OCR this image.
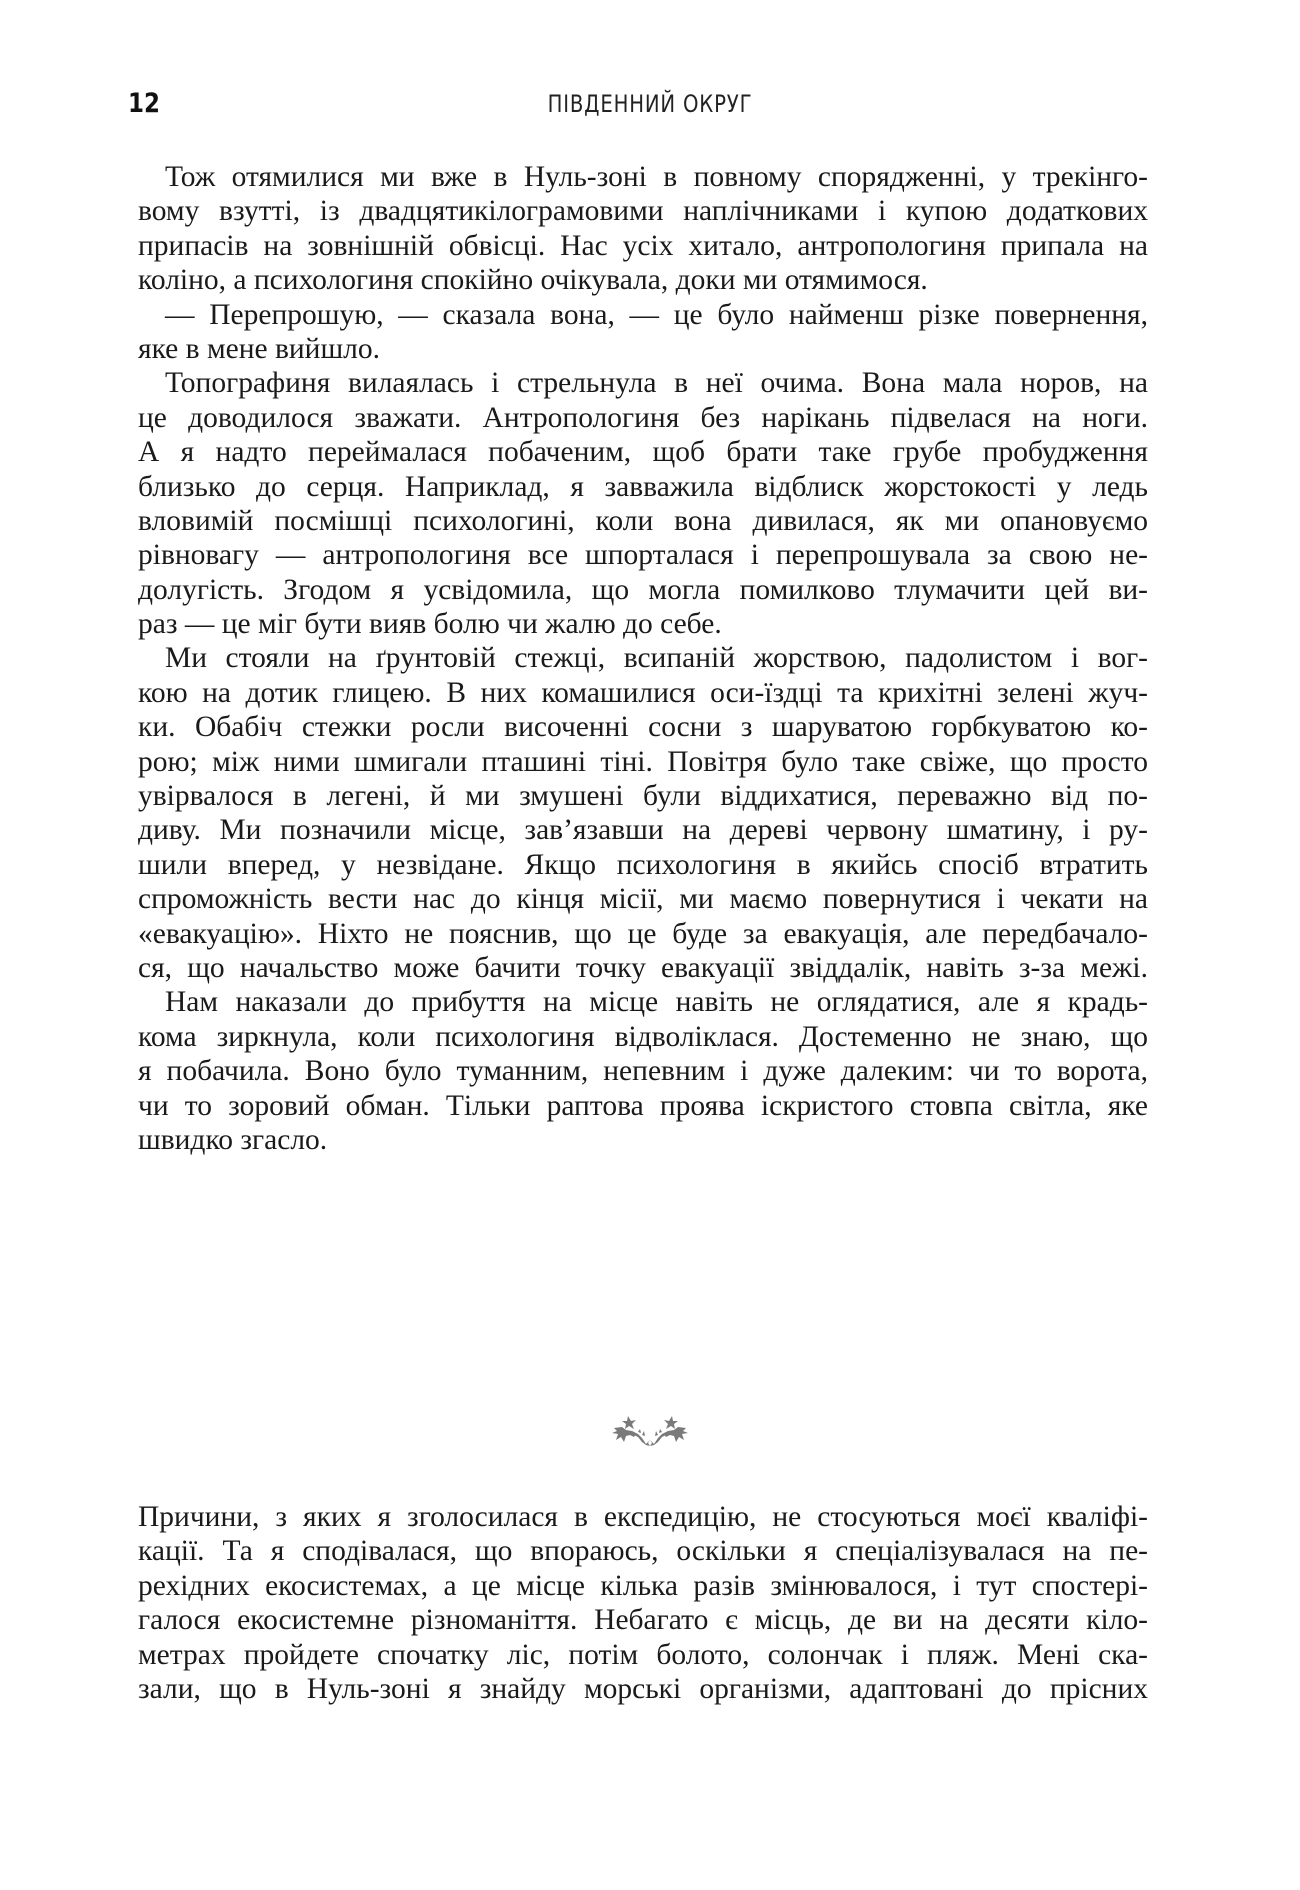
12	ПІВДЕННИЙ ОКРУГ
Тож отямилися ми вже в Нуль-зоні в повному спорядженні, у трекінго-
вому взутті, із двадцятикілограмовими наплічниками і купою додаткових
припасів на зовнішній обвісці. Нас усіх хитало, антропологиня припала на
коліно, а психологиня спокійно очікувала, доки ми отямимося.
— Перепрошую, — сказала вона, — це було найменш різке повернення,
яке в мене вийшло.
Топографиня вилаялась і стрельнула в неї очима. Вона мала норов, на
це доводилося зважати. Антропологиня без нарікань підвелася на ноги.
А я надто переймалася побаченим, щоб брати таке грубе пробудження
близько до серця. Наприклад, я завважила відблиск жорстокості у ледь
вловимій посмішці психологині, коли вона дивилася, як ми опановуємо
рівновагу — антропологиня все шпорталася і перепрошувала за свою не-
долугість. Згодом я усвідомила, що могла помилково тлумачити цей ви-
раз — це міг бути вияв болю чи жалю до себе.
Ми стояли на ґрунтовій стежці, всипаній жорствою, падолистом і вог-
кою на дотик глицею. В них комашилися оси-їздці та крихітні зелені жуч-
ки. Обабіч стежки росли височенні сосни з шаруватою горбкуватою ко-
рою; між ними шмигали пташині тіні. Повітря було таке свіже, що просто
увірвалося в легені, й ми змушені були віддихатися, переважно від по-
диву. Ми позначили місце, зав’язавши на дереві червону шматину, і ру-
шили вперед, у незвідане. Якщо психологиня в якийсь спосіб втратить
спроможність вести нас до кінця місії, ми маємо повернутися і чекати на
«евакуацію». Ніхто не пояснив, що це буде за евакуація, але передбачало-
ся, що начальство може бачити точку евакуації звіддалік, навіть з-за межі.
Нам наказали до прибуття на місце навіть не оглядатися, але я крадь-
кома зиркнула, коли психологиня відволіклася. Достеменно не знаю, що
я побачила. Воно було туманним, непевним і дуже далеким: чи то ворота,
чи то зоровий обман. Тільки раптова проява іскристого стовпа світла, яке
швидко згасло.
Причини, з яких я зголосилася в експедицію, не стосуються моєї кваліфі-
кації. Та я сподівалася, що впораюсь, оскільки я спеціалізувалася на пе-
рехідних екосистемах, а це місце кілька разів змінювалося, і тут спостері-
галося екосистемне різноманіття. Небагато є місць, де ви на десяти кіло-
метрах пройдете спочатку ліс, потім болото, солончак і пляж. Мені ска-
зали, що в Нуль-зоні я знайду морські організми, адаптовані до прісних
